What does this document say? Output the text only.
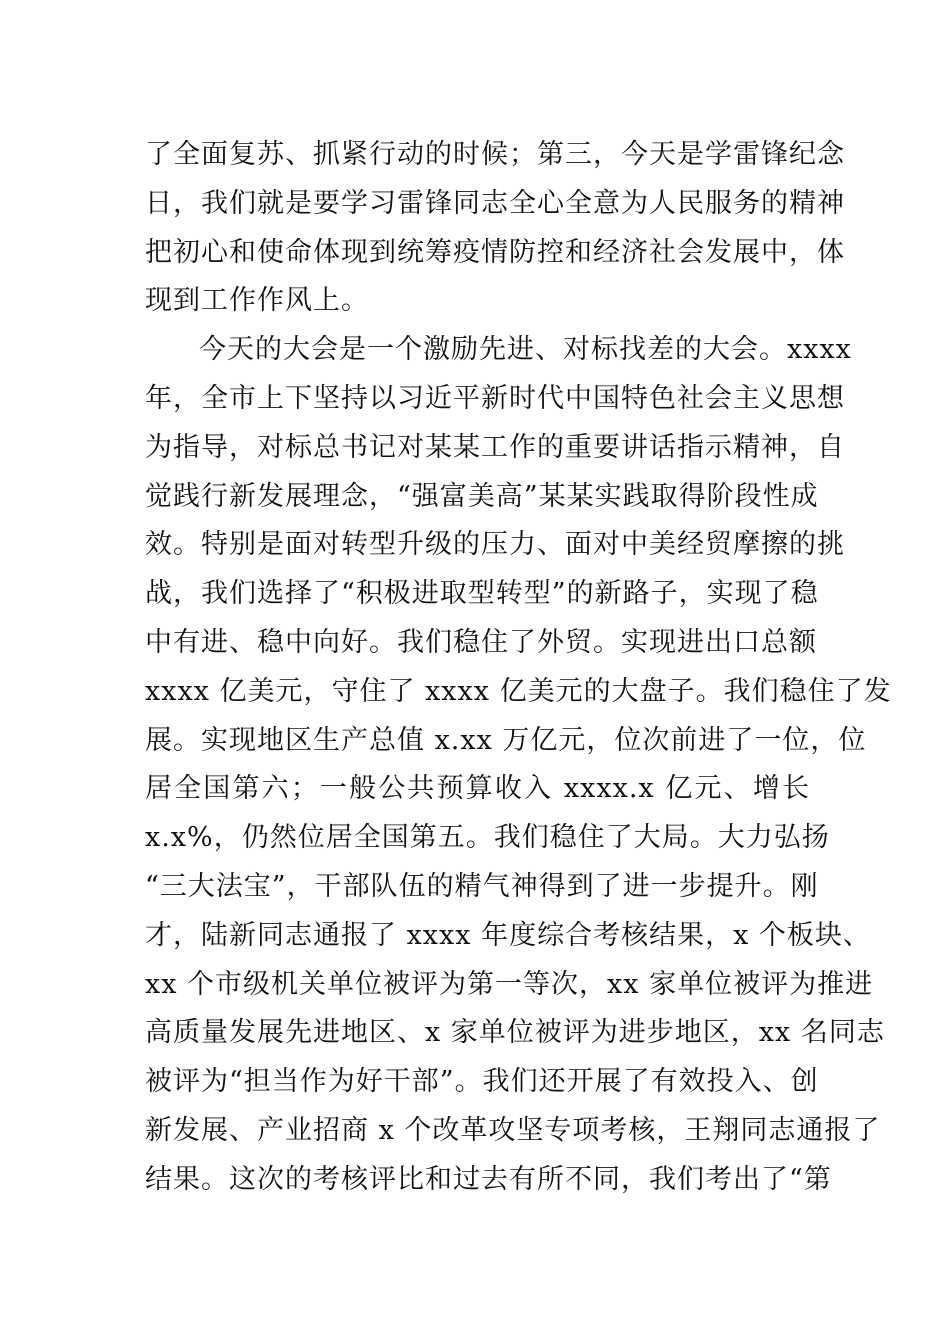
了全面复苏、抓紧行动的时候；第三，今天是学雷锋纪念
日，我们就是要学习雷锋同志全心全意为人民服务的精神
把初心和使命体现到统筹疫情防控和经济社会发展中，体
现到工作作风上。
今天的大会是一个激励先进、对标找差的大会。xxxx
年，全市上下坚持以习近平新时代中国特色社会主义思想
为指导，对标总书记对某某工作的重要讲话指示精神，自
觉践行新发展理念，“强富美高”某某实践取得阶段性成
效。特别是面对转型升级的压力、面对中美经贸摩擦的挑
战，我们选择了“积极进取型转型”的新路子，实现了稳
中有进、稳中向好。我们稳住了外贸。实现进出口总额
xxxx 亿美元，守住了 xxxx 亿美元的大盘子。我们稳住了发
展。实现地区生产总值 x.xx 万亿元，位次前进了一位，位
居全国第六；一般公共预算收入 xxxx.x 亿元、增长
x.x%，仍然位居全国第五。我们稳住了大局。大力弘扬
“三大法宝”，干部队伍的精气神得到了进一步提升。刚
才，陆新同志通报了 xxxx 年度综合考核结果，x 个板块、
xx 个市级机关单位被评为第一等次，xx 家单位被评为推进
高质量发展先进地区、x 家单位被评为进步地区，xx 名同志
被评为“担当作为好干部”。我们还开展了有效投入、创
新发展、产业招商 x 个改革攻坚专项考核，王翔同志通报了
结果。这次的考核评比和过去有所不同，我们考出了“第
